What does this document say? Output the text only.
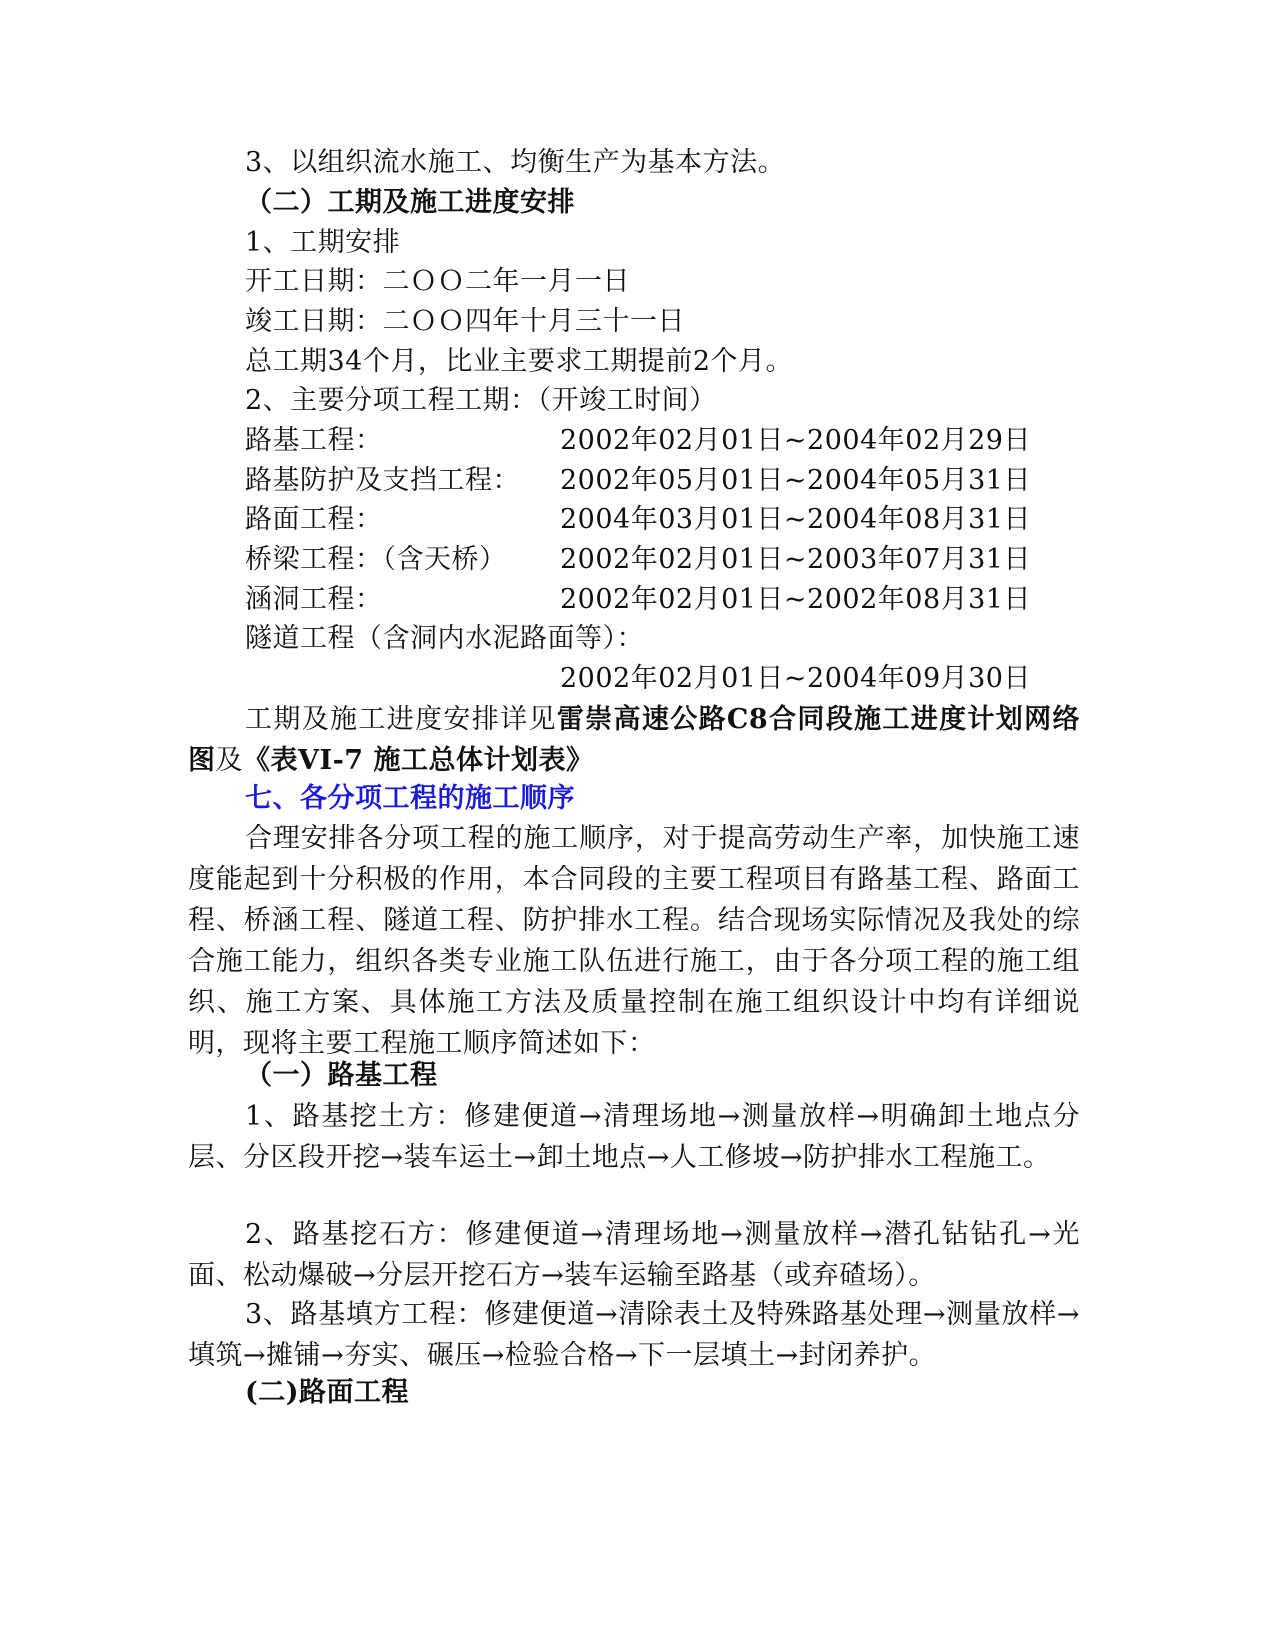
3、以组织流水施工、均衡生产为基本方法。
（二）工期及施工进度安排
1、工期安排
开工日期：二ＯＯ二年一月一日
竣工日期：二ＯＯ四年十月三十一日
总工期34个月，比业主要求工期提前2个月。
2、主要分项工程工期：（开竣工时间）
路基工程：	2002年02月01日~2004年02月29日
路基防护及支挡工程： 2002年05月01日~2004年05月31日
路面工程：	2004年03月01日~2004年08月31日
桥梁工程：（含天桥） 2002年02月01日~2003年07月31日
涵洞工程：	2002年02月01日~2002年08月31日
隧道工程（含洞内水泥路面等）：
2002年02月01日~2004年09月30日
工期及施工进度安排详见雷崇高速公路C8合同段施工进度计划网络图及《表VI-7 施工总体计划表》
七、各分项工程的施工顺序
合理安排各分项工程的施工顺序，对于提高劳动生产率，加快施工速度能起到十分积极的作用，本合同段的主要工程项目有路基工程、路面工程、桥涵工程、隧道工程、防护排水工程。结合现场实际情况及我处的综合施工能力，组织各类专业施工队伍进行施工，由于各分项工程的施工组织、施工方案、具体施工方法及质量控制在施工组织设计中均有详细说明，现将主要工程施工顺序简述如下：
（一）路基工程
1、路基挖土方：修建便道→清理场地→测量放样→明确卸土地点分层、分区段开挖→装车运土→卸土地点→人工修坡→防护排水工程施工。
2、路基挖石方：修建便道→清理场地→测量放样→潜孔钻钻孔→光面、松动爆破→分层开挖石方→装车运输至路基（或弃碴场）。
3、路基填方工程：修建便道→清除表土及特殊路基处理→测量放样→填筑→摊铺→夯实、碾压→检验合格→下一层填土→封闭养护。
(二)路面工程
